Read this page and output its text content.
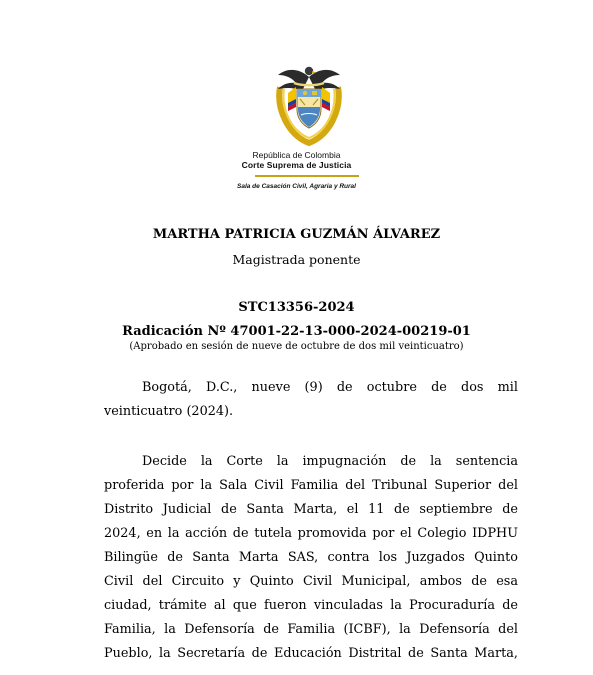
República de Colombia
Corte Suprema de Justicia
Sala de Casación Civil, Agraria y Rural
MARTHA PATRICIA GUZMÁN ÁLVAREZ
Magistrada ponente
STC13356-2024
Radicación Nº 47001-22-13-000-2024-00219-01
(Aprobado en sesión de nueve de octubre de dos mil veinticuatro)
Bogotá, D.C., nueve (9) de octubre de dos mil
veinticuatro (2024).
Decide la Corte la impugnación de la sentencia
proferida por la Sala Civil Familia del Tribunal Superior del
Distrito Judicial de Santa Marta, el 11 de septiembre de
2024, en la acción de tutela promovida por el Colegio IDPHU
Bilingüe de Santa Marta SAS, contra los Juzgados Quinto
Civil del Circuito y Quinto Civil Municipal, ambos de esa
ciudad, trámite al que fueron vinculadas la Procuraduría de
Familia, la Defensoría de Familia (ICBF), la Defensoría del
Pueblo, la Secretaría de Educación Distrital de Santa Marta,
